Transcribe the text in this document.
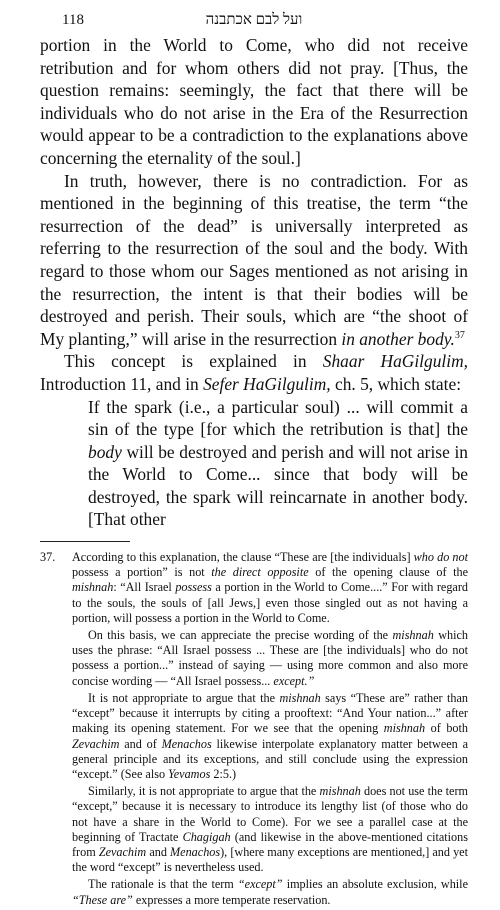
118	ועל לבם אכתבנה

portion in the World to Come, who did not receive retribution and for whom others did not pray. [Thus, the question remains: seemingly, the fact that there will be individuals who do not arise in the Era of the Resurrection would appear to be a contradiction to the explanations above concerning the eternality of the soul.]

In truth, however, there is no contradiction. For as mentioned in the beginning of this treatise, the term “the resurrection of the dead” is universally interpreted as referring to the resurrection of the soul and the body. With regard to those whom our Sages mentioned as not arising in the resurrection, the intent is that their bodies will be destroyed and perish. Their souls, which are “the shoot of My planting,” will arise in the resurrection in another body.$^{37}$

This concept is explained in Shaar HaGilgulim, Introduction 11, and in Sefer HaGilgulim, ch. 5, which state:

If the spark (i.e., a particular soul) ... will commit a sin of the type [for which the retribution is that] the body will be destroyed and perish and will not arise in the World to Come... since that body will be destroyed, the spark will reincarnate in another body. [That other

37. According to this explanation, the clause “These are [the individuals] who do not possess a portion” is not the direct opposite of the opening clause of the mishnah: “All Israel possess a portion in the World to Come....” For with regard to the souls, the souls of [all Jews,] even those singled out as not having a portion, will possess a portion in the World to Come.

On this basis, we can appreciate the precise wording of the mishnah which uses the phrase: “All Israel possess ... These are [the individuals] who do not possess a portion...” instead of saying — using more common and also more concise wording — “All Israel possess... except.”

It is not appropriate to argue that the mishnah says “These are” rather than “except” because it interrupts by citing a prooftext: “And Your nation...” after making its opening statement. For we see that the opening mishnah of both Zevachim and of Menachos likewise interpolate explanatory matter between a general principle and its exceptions, and still conclude using the expression “except.” (See also Yevamos 2:5.)

Similarly, it is not appropriate to argue that the mishnah does not use the term “except,” because it is necessary to introduce its lengthy list (of those who do not have a share in the World to Come). For we see a parallel case at the beginning of Tractate Chagigah (and likewise in the above-mentioned citations from Zevachim and Menachos), [where many exceptions are mentioned,] and yet the word “except” is nevertheless used.

The rationale is that the term “except” implies an absolute exclusion, while “These are” expresses a more temperate reservation.
